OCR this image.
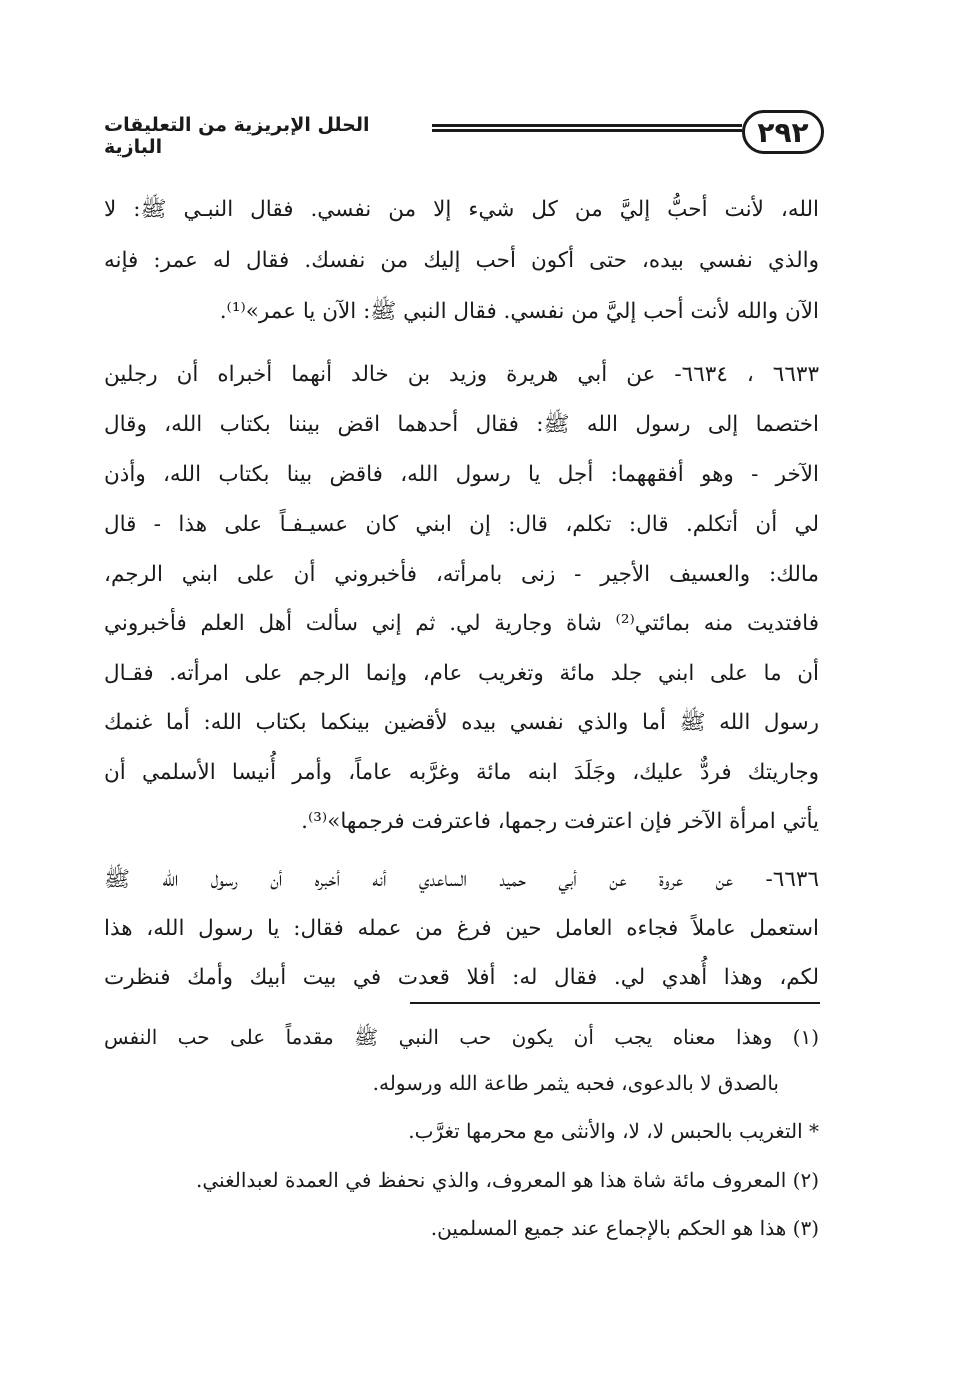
الحلل الإبريزية من التعليقات البازية	٢٩٢
الله، لأنت أحبُّ إليَّ من كل شيء إلا من نفسي. فقال النبـي ﷺ: لا
والذي نفسي بيده، حتى أكون أحب إليك من نفسك. فقال له عمر: فإنه
الآن والله لأنت أحب إليَّ من نفسي. فقال النبي ﷺ: الآن يا عمر»⁽¹⁾.
٦٦٣٣ ، ٦٦٣٤- عن أبي هريرة وزيد بن خالد أنهما أخبراه أن رجلين
اختصما إلى رسول الله ﷺ: فقال أحدهما اقض بيننا بكتاب الله، وقال
الآخر - وهو أفقههما: أجل يا رسول الله، فاقض بينا بكتاب الله، وأذن
لي أن أتكلم. قال: تكلم، قال: إن ابني كان عسيـفـاً على هذا - قال
مالك: والعسيف الأجير - زنى بامرأته، فأخبروني أن على ابني الرجم،
فافتديت منه بمائتي⁽²⁾ شاة وجارية لي. ثم إني سألت أهل العلم فأخبروني
أن ما على ابني جلد مائة وتغريب عام، وإنما الرجم على امرأته. فقـال
رسول الله ﷺ أما والذي نفسي بيده لأقضين بينكما بكتاب الله: أما غنمك
وجاريتك فردٌّ عليك، وجَلَدَ ابنه مائة وغرَّبه عاماً، وأمر أُنيسا الأسلمي أن
يأتي امرأة الآخر فإن اعترفت رجمها، فاعترفت فرجمها»⁽³⁾.
٦٦٣٦- عن عروة عن أبي حميد الساعدي أنه أخبره أن رسول الله ﷺ
استعمل عاملاً فجاءه العامل حين فرغ من عمله فقال: يا رسول الله، هذا
لكم، وهذا أُهدي لي. فقال له: أفلا قعدت في بيت أبيك وأمك فنظرت
(١) وهذا معناه يجب أن يكون حب النبي ﷺ مقدماً على حب النفس
بالصدق لا بالدعوى، فحبه يثمر طاعة الله ورسوله.
* التغريب بالحبس لا، لا، والأنثى مع محرمها تغرَّب.
(٢) المعروف مائة شاة هذا هو المعروف، والذي نحفظ في العمدة لعبدالغني.
(٣) هذا هو الحكم بالإجماع عند جميع المسلمين.
